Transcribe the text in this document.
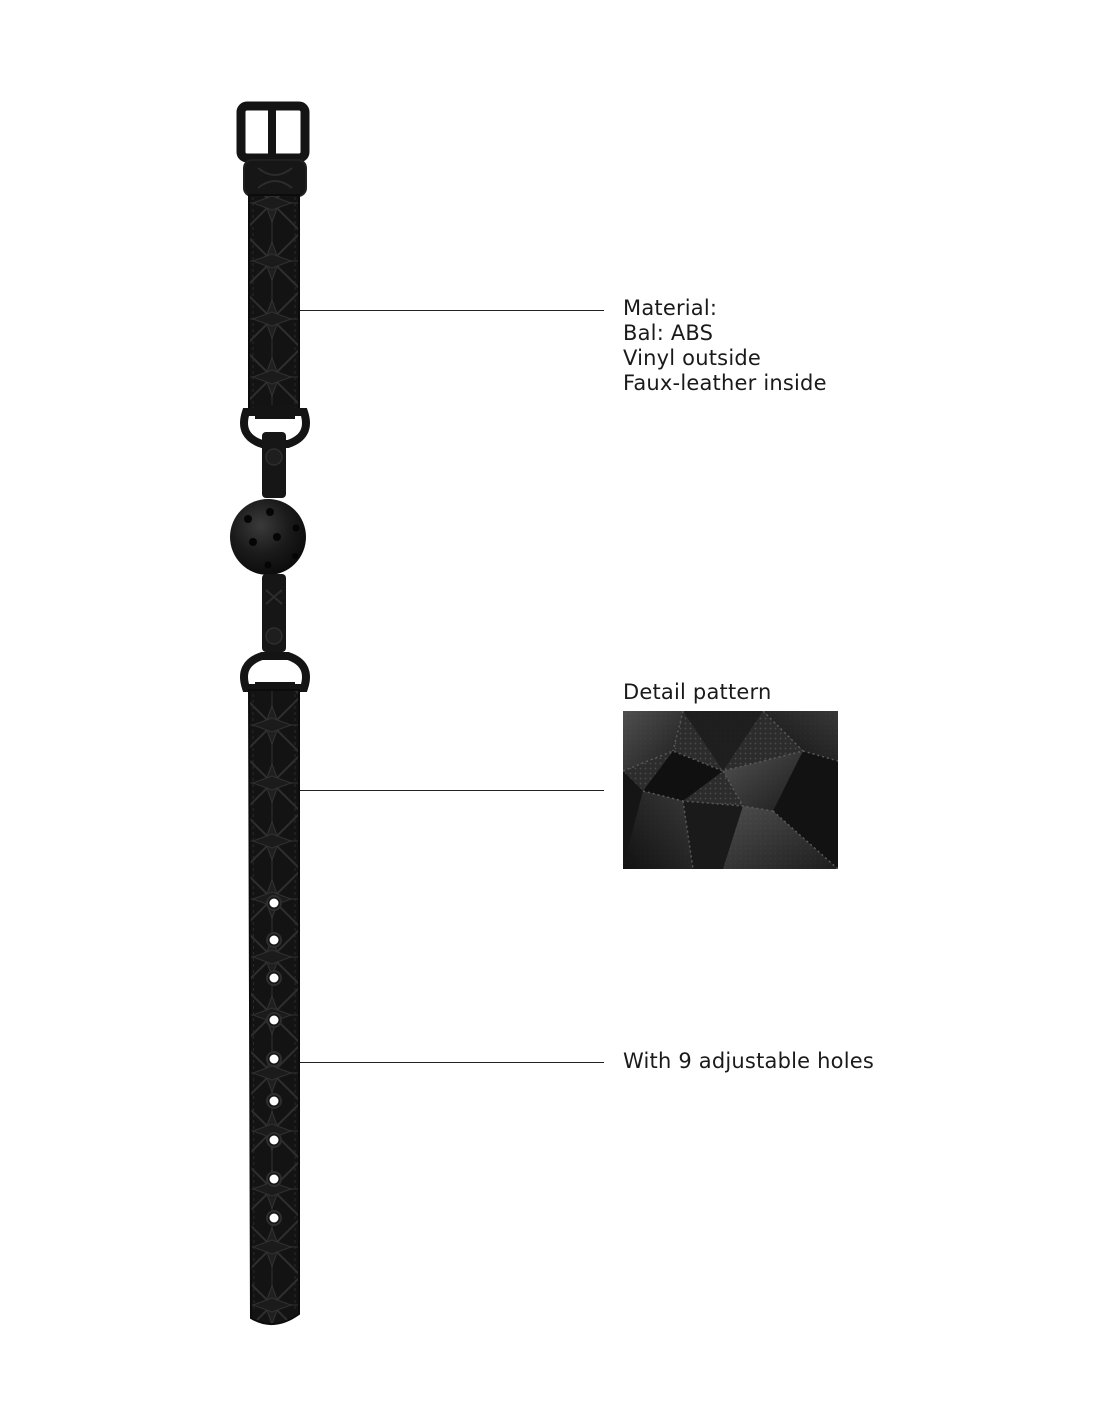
Material:
Bal: ABS
Vinyl outside
Faux-leather inside
Detail pattern
With 9 adjustable holes
